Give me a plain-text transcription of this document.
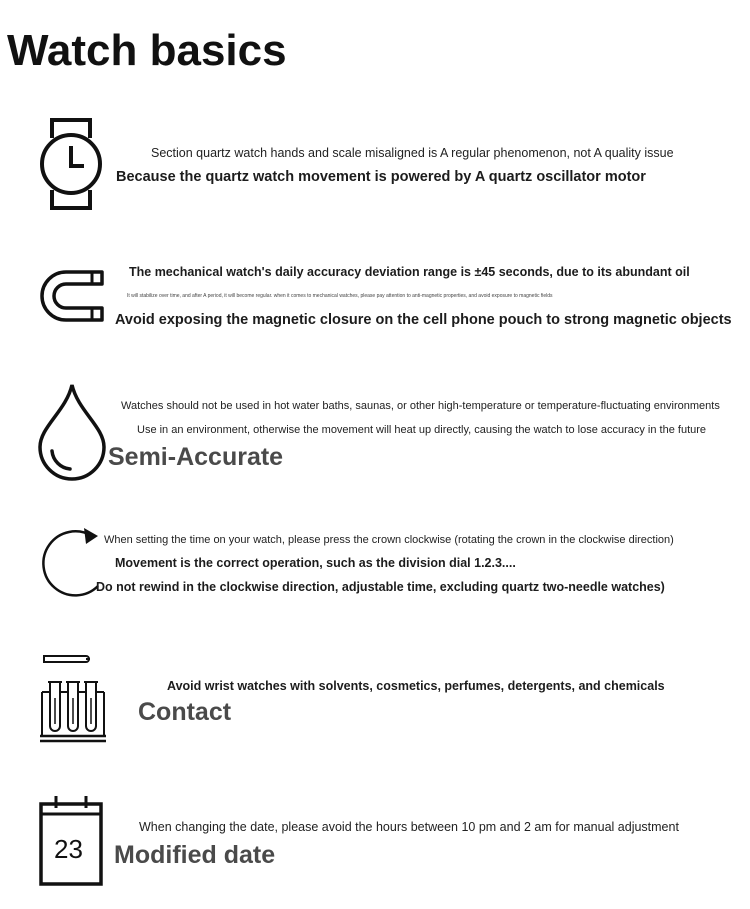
Watch basics
Section quartz watch hands and scale misaligned is A regular phenomenon, not A quality issue
Because the quartz watch movement is powered by A quartz oscillator motor
The mechanical watch's daily accuracy deviation range is ±45 seconds, due to its abundant oil
It will stabilize over time, and after A period, it will become regular. when it comes to mechanical watches, please pay attention to anti-magnetic properties, and avoid exposure to magnetic fields
Avoid exposing the magnetic closure on the cell phone pouch to strong magnetic objects
Watches should not be used in hot water baths, saunas, or other high-temperature or temperature-fluctuating environments
Use in an environment, otherwise the movement will heat up directly, causing the watch to lose accuracy in the future
Semi-Accurate
When setting the time on your watch, please press the crown clockwise (rotating the crown in the clockwise direction)
Movement is the correct operation, such as the division dial 1.2.3....
Do not rewind in the clockwise direction, adjustable time, excluding quartz two-needle watches)
Avoid wrist watches with solvents, cosmetics, perfumes, detergents, and chemicals
Contact
23
When changing the date, please avoid the hours between 10 pm and 2 am for manual adjustment
Modified date
